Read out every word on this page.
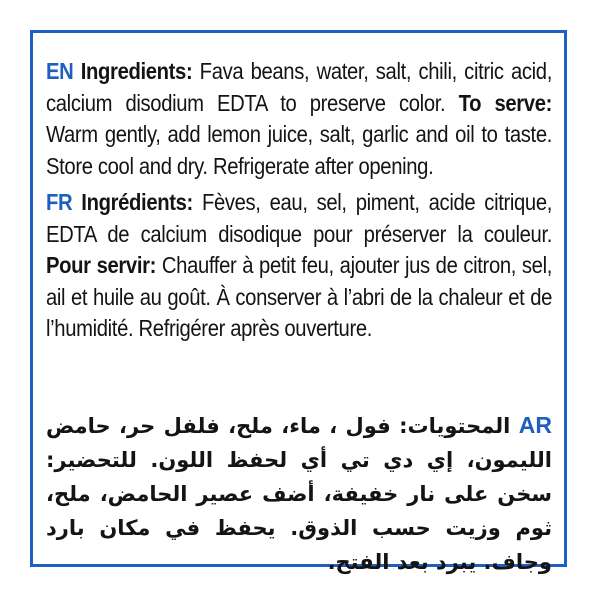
EN Ingredients: Fava beans, water, salt, chili, citric acid, calcium disodium EDTA to preserve color. To serve: Warm gently, add lemon juice, salt, garlic and oil to taste. Store cool and dry. Refrigerate after opening.

FR Ingrédients: Fèves, eau, sel, piment, acide citrique, EDTA de calcium disodique pour préserver la couleur. Pour servir: Chauffer à petit feu, ajouter jus de citron, sel, ail et huile au goût. À conserver à l’abri de la chaleur et de l’humidité. Refrigérer après ouverture.

AR المحتويات: فول ، ماء، ملح، فلفل حر، حامض الليمون، إي دي تي أي لحفظ اللون. للتحضير: سخن على نار خفيفة، أضف عصير الحامض، ملح، ثوم وزيت حسب الذوق. يحفظ في مكان بارد وجاف. يبرد بعد الفتح.
